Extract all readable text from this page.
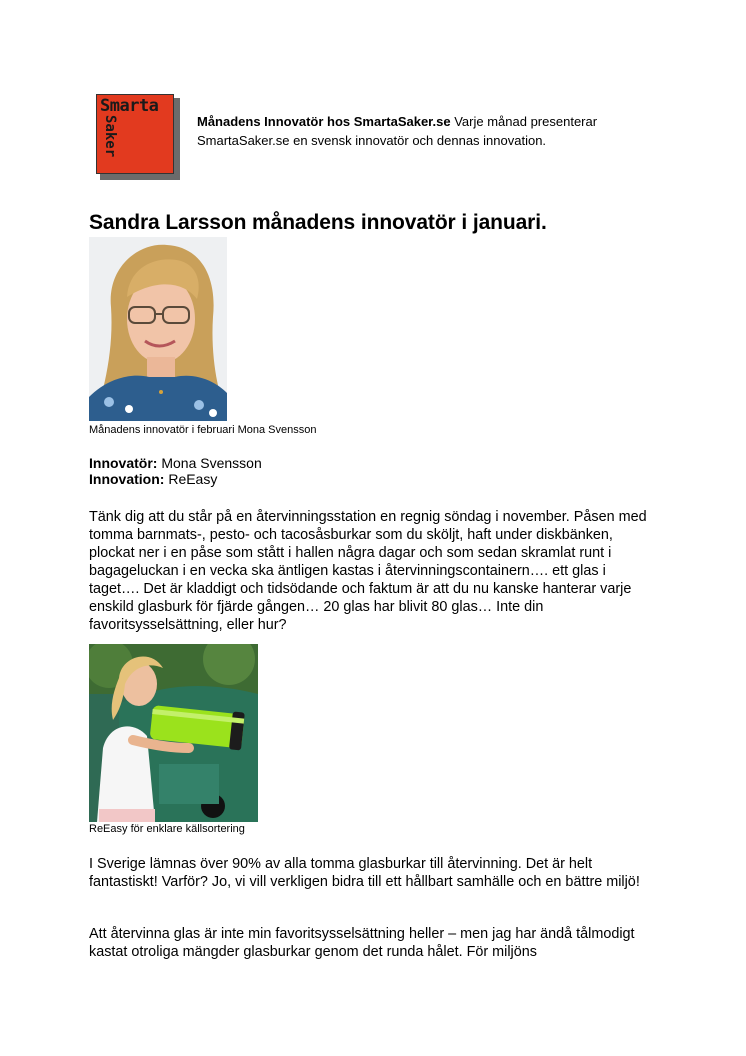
Smarta
Saker	Månadens Innovatör hos SmartaSaker.se Varje månad presenterar SmartaSaker.se en svensk innovatör och dennas innovation.
Sandra Larsson månadens innovatör i januari.
Månadens innovatör i februari Mona Svensson
Innovatör: Mona Svensson
Innovation: ReEasy

Tänk dig att du står på en återvinningsstation en regnig söndag i november. Påsen med tomma barnmats-, pesto- och tacosåsburkar som du sköljt, haft under diskbänken, plockat ner i en påse som stått i hallen några dagar och som sedan skramlat runt i bagageluckan i en vecka ska äntligen kastas i återvinningscontainern…. ett glas i taget…. Det är kladdigt och tidsödande och faktum är att du nu kanske hanterar varje enskild glasburk för fjärde gången… 20 glas har blivit 80 glas… Inte din favoritsysselsättning, eller hur?

ReEasy för enklare källsortering

I Sverige lämnas över 90% av alla tomma glasburkar till återvinning. Det är helt fantastiskt! Varför? Jo, vi vill verkligen bidra till ett hållbart samhälle och en bättre miljö!

Att återvinna glas är inte min favoritsysselsättning heller – men jag har ändå tålmodigt kastat otroliga mängder glasburkar genom det runda hålet. För miljöns
